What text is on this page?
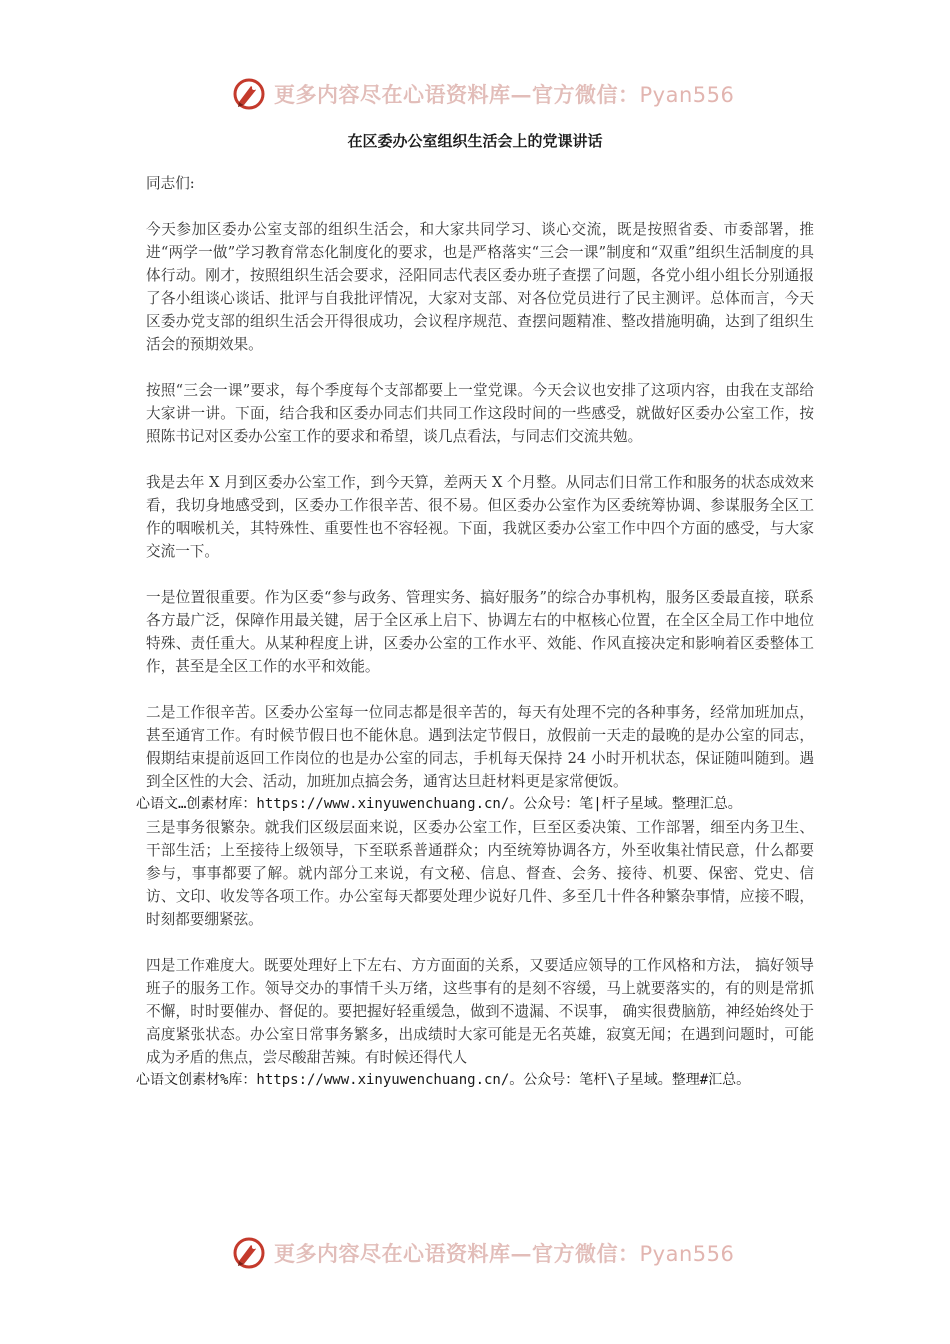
更多内容尽在心语资料库—官方微信：Pyan556
在区委办公室组织生活会上的党课讲话

同志们:

今天参加区委办公室支部的组织生活会，和大家共同学习、谈心交流，既是按照省委、市委部署，推进“两学一做”学习教育常态化制度化的要求，也是严格落实“三会一课”制度和“双重”组织生活制度的具体行动。刚才，按照组织生活会要求，泾阳同志代表区委办班子查摆了问题，各党小组小组长分别通报了各小组谈心谈话、批评与自我批评情况，大家对支部、对各位党员进行了民主测评。总体而言，今天区委办党支部的组织生活会开得很成功，会议程序规范、查摆问题精准、整改措施明确，达到了组织生活会的预期效果。

按照“三会一课”要求，每个季度每个支部都要上一堂党课。今天会议也安排了这项内容，由我在支部给大家讲一讲。下面，结合我和区委办同志们共同工作这段时间的一些感受，就做好区委办公室工作，按照陈书记对区委办公室工作的要求和希望，谈几点看法，与同志们交流共勉。

我是去年 X 月到区委办公室工作，到今天算，差两天 X 个月整。从同志们日常工作和服务的状态成效来看，我切身地感受到，区委办工作很辛苦、很不易。但区委办公室作为区委统筹协调、参谋服务全区工作的咽喉机关，其特殊性、重要性也不容轻视。下面，我就区委办公室工作中四个方面的感受，与大家交流一下。

一是位置很重要。作为区委“参与政务、管理实务、搞好服务”的综合办事机构，服务区委最直接，联系各方最广泛，保障作用最关键，居于全区承上启下、协调左右的中枢核心位置，在全区全局工作中地位特殊、责任重大。从某种程度上讲，区委办公室的工作水平、效能、作风直接决定和影响着区委整体工作，甚至是全区工作的水平和效能。

二是工作很辛苦。区委办公室每一位同志都是很辛苦的，每天有处理不完的各种事务，经常加班加点，甚至通宵工作。有时候节假日也不能休息。遇到法定节假日，放假前一天走的最晚的是办公室的同志，假期结束提前返回工作岗位的也是办公室的同志，手机每天保持 24 小时开机状态，保证随叫随到。遇到全区性的大会、活动，加班加点搞会务，通宵达旦赶材料更是家常便饭。

心语文…创素材库：https://www.xinyuwenchuang.cn/。公众号：笔|杆子星域。整理汇总。

三是事务很繁杂。就我们区级层面来说，区委办公室工作，巨至区委决策、工作部署，细至内务卫生、干部生活；上至接待上级领导，下至联系普通群众；内至统筹协调各方，外至收集社情民意，什么都要参与，事事都要了解。就内部分工来说，有文秘、信息、督查、会务、接待、机要、保密、党史、信访、文印、收发等各项工作。办公室每天都要处理少说好几件、多至几十件各种繁杂事情，应接不暇，时刻都要绷紧弦。

四是工作难度大。既要处理好上下左右、方方面面的关系，又要适应领导的工作风格和方法， 搞好领导班子的服务工作。领导交办的事情千头万绪，这些事有的是刻不容缓，马上就要落实的，有的则是常抓不懈，时时要催办、督促的。要把握好轻重缓急，做到不遗漏、不误事， 确实很费脑筋，神经始终处于高度紧张状态。办公室日常事务繁多，出成绩时大家可能是无名英雄，寂寞无闻；在遇到问题时，可能成为矛盾的焦点，尝尽酸甜苦辣。有时候还得代人

心语文创素材%库：https://www.xinyuwenchuang.cn/。公众号：笔杆\子星域。整理#汇总。
更多内容尽在心语资料库—官方微信：Pyan556
